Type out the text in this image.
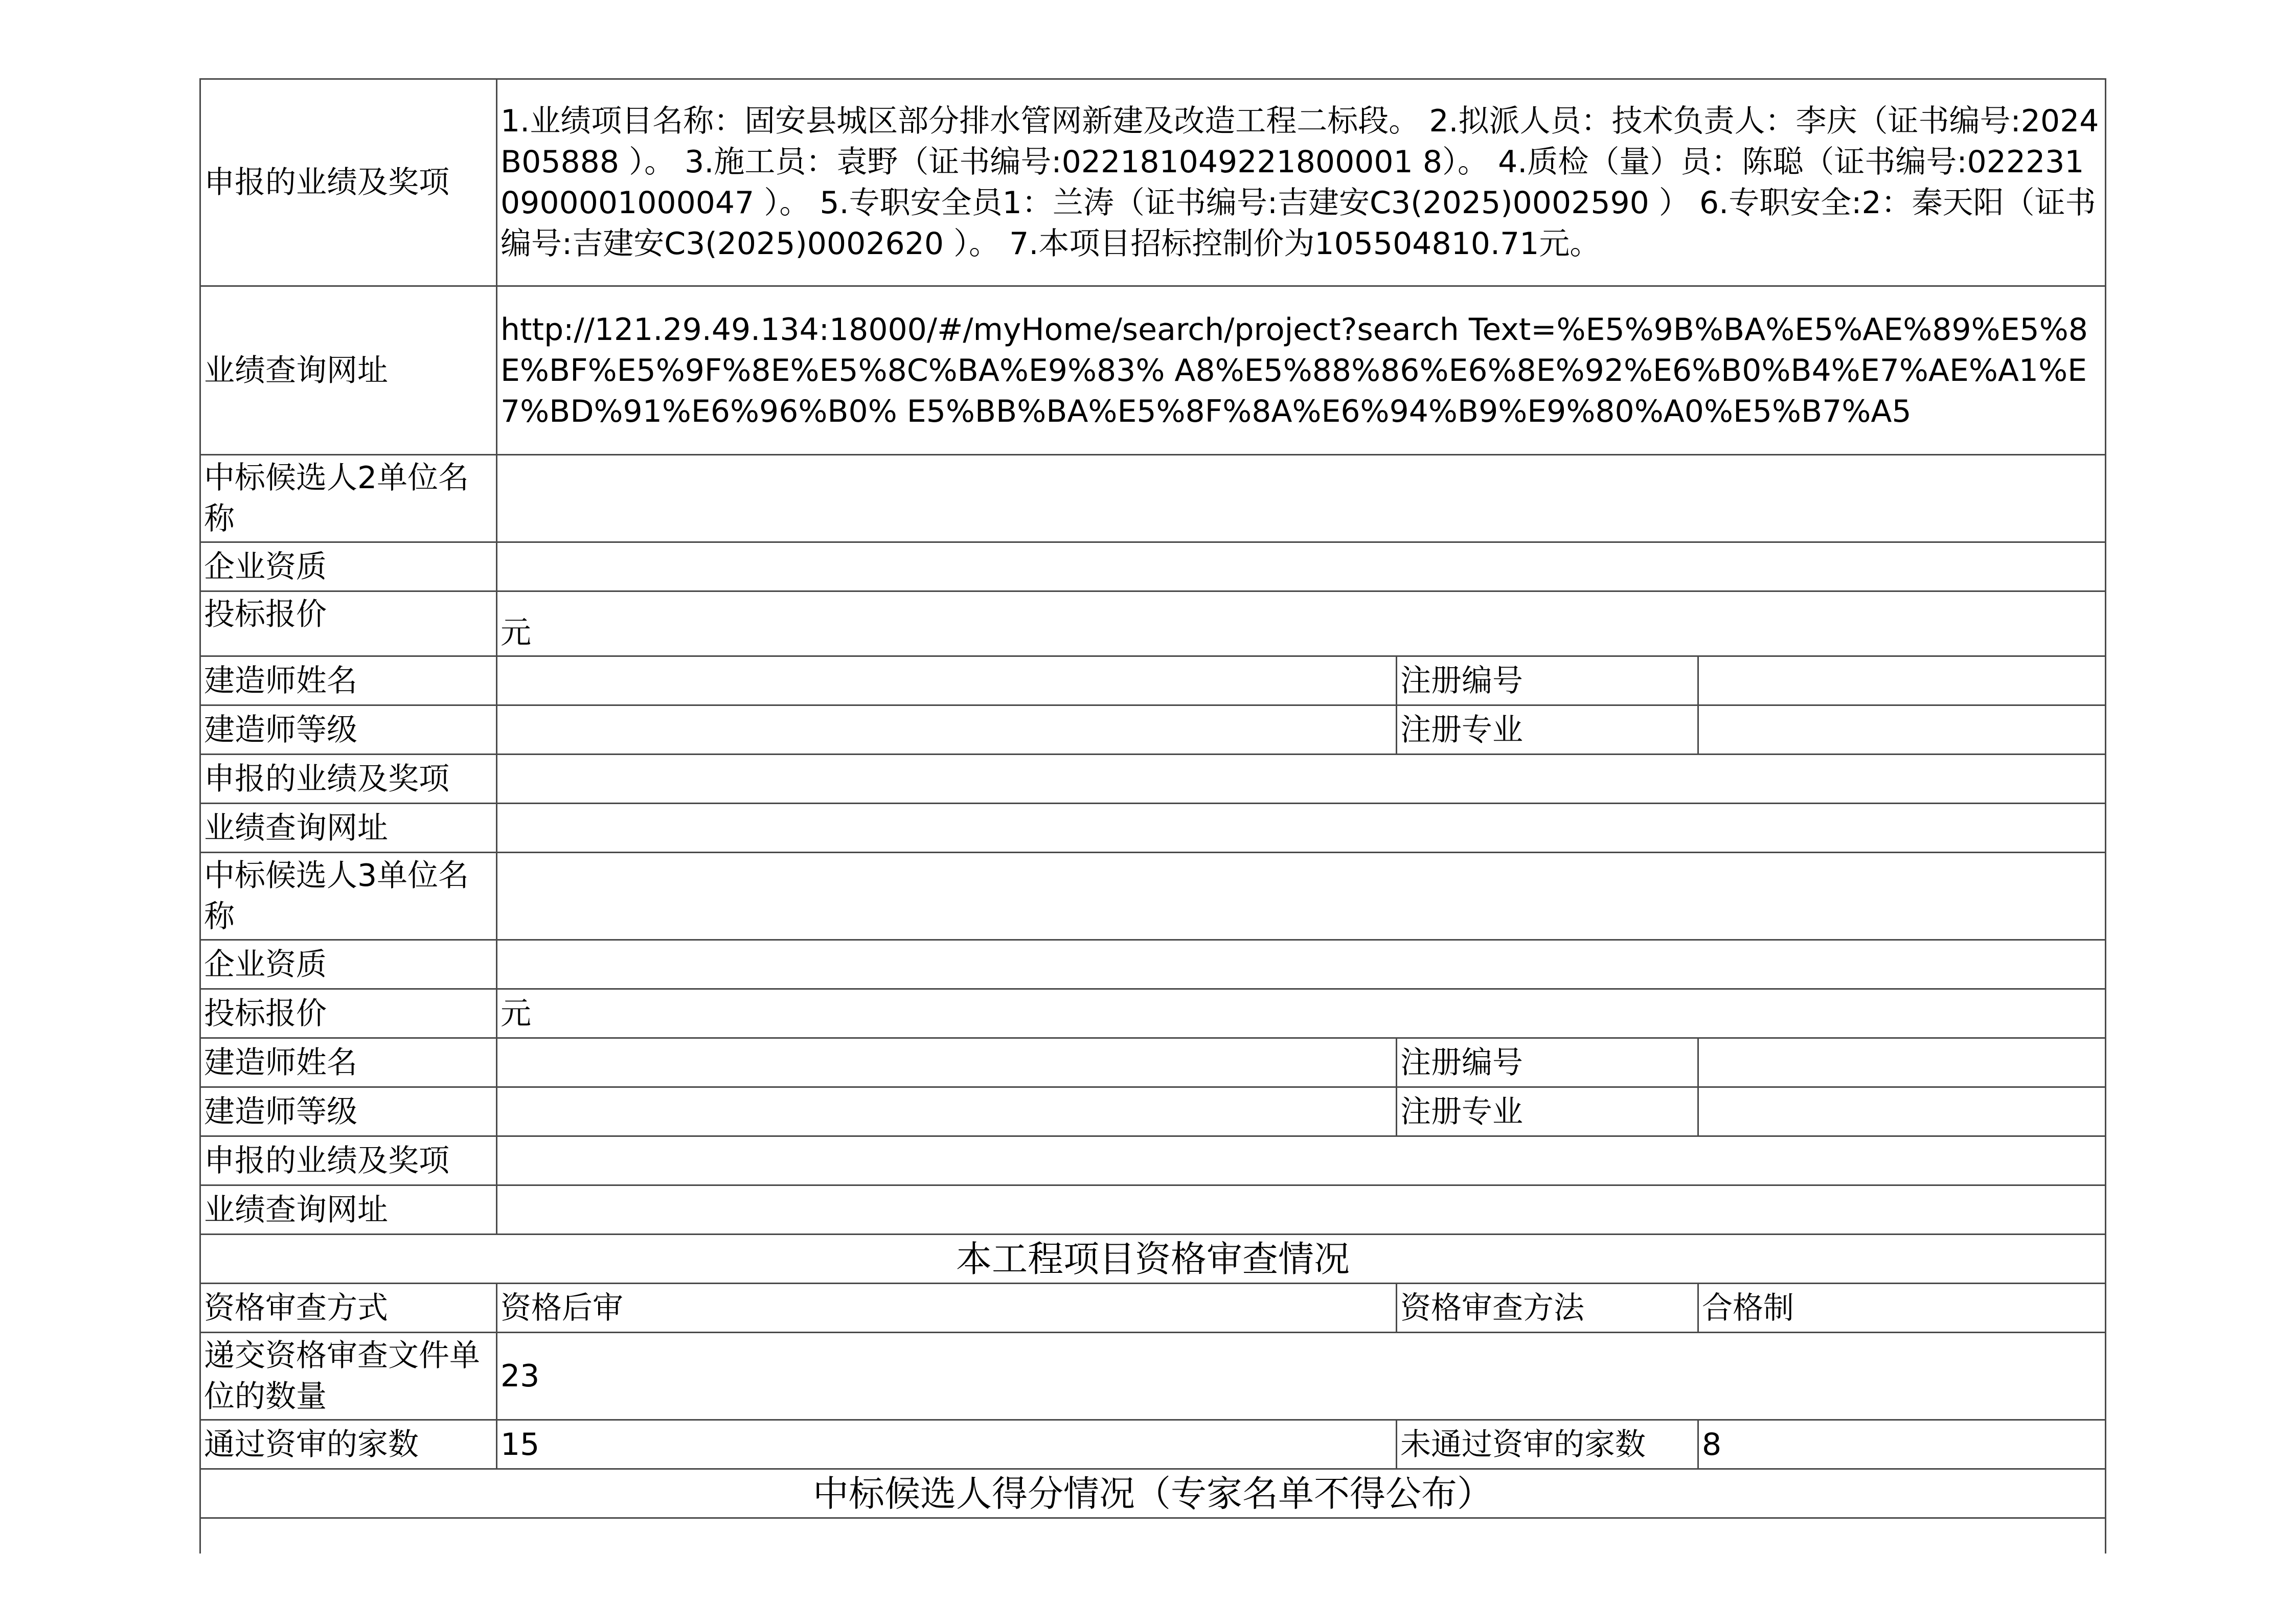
申报的业绩及奖项	1.业绩项目名称：固安县城区部分排水管网新建及改造工程二标段。 2.拟派人员：技术负责人：李庆（证书编号:2024B05888 ）。 3.施工员：袁野（证书编号:022181049221800001 8）。 4.质检（量）员：陈聪（证书编号:0222310900001000047 ）。 5.专职安全员1：兰涛（证书编号:吉建安C3(2025)0002590 ） 6.专职安全:2：秦天阳（证书编号:吉建安C3(2025)0002620 ）。 7.本项目招标控制价为105504810.71元。		
业绩查询网址	http://121.29.49.134:18000/#/myHome/search/project?search Text=%E5%9B%BA%E5%AE%89%E5%8E%BF%E5%9F%8E%E5%8C%BA%E9%83% A8%E5%88%86%E6%8E%92%E6%B0%B4%E7%AE%A1%E7%BD%91%E6%96%B0% E5%BB%BA%E5%8F%8A%E6%94%B9%E9%80%A0%E5%B7%A5		
中标候选人2单位名称			
企业资质			
投标报价	元		
建造师姓名		注册编号	
建造师等级		注册专业	
申报的业绩及奖项			
业绩查询网址			
中标候选人3单位名称			
企业资质			
投标报价	元		
建造师姓名		注册编号	
建造师等级		注册专业	
申报的业绩及奖项			
业绩查询网址			
本工程项目资格审查情况			
资格审查方式	资格后审	资格审查方法	合格制
递交资格审查文件单位的数量	23		
通过资审的家数	15	未通过资审的家数	8
中标候选人得分情况（专家名单不得公布）			
